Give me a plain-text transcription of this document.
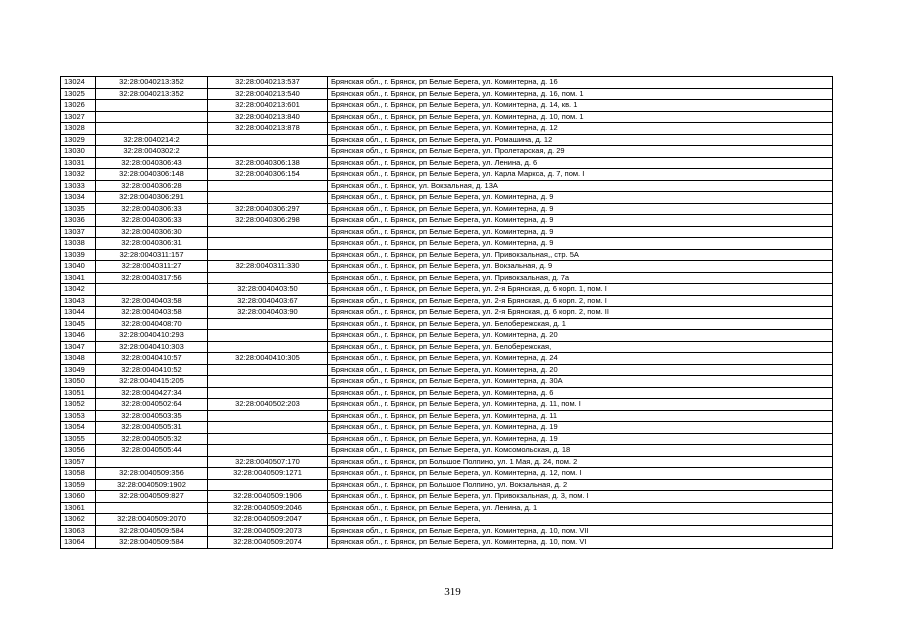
13024	32:28:0040213:352	32:28:0040213:537	Брянская обл., г. Брянск, рп Белые Берега, ул. Коминтерна, д. 16
13025	32:28:0040213:352	32:28:0040213:540	Брянская обл., г. Брянск, рп Белые Берега, ул. Коминтерна, д. 16, пом. 1
13026		32:28:0040213:601	Брянская обл., г. Брянск, рп Белые Берега, ул. Коминтерна, д. 14, кв. 1
13027		32:28:0040213:840	Брянская обл., г. Брянск, рп Белые Берега, ул. Коминтерна, д. 10, пом. 1
13028		32:28:0040213:878	Брянская обл., г. Брянск, рп Белые Берега, ул. Коминтерна, д. 12
13029	32:28:0040214:2		Брянская обл., г. Брянск, рп Белые Берега, ул. Ромашина, д. 12
13030	32:28:0040302:2		Брянская обл., г. Брянск, рп Белые Берега, ул. Пролетарская, д. 29
13031	32:28:0040306:43	32:28:0040306:138	Брянская обл., г. Брянск, рп Белые Берега, ул. Ленина, д. 6
13032	32:28:0040306:148	32:28:0040306:154	Брянская обл., г. Брянск, рп Белые Берега, ул. Карла Маркса, д. 7, пом. I
13033	32:28:0040306:28		Брянская обл., г. Брянск, ул. Вокзальная, д. 13А
13034	32:28:0040306:291		Брянская обл., г. Брянск, рп Белые Берега, ул. Коминтерна, д. 9
13035	32:28:0040306:33	32:28:0040306:297	Брянская обл., г. Брянск, рп Белые Берега, ул. Коминтерна, д. 9
13036	32:28:0040306:33	32:28:0040306:298	Брянская обл., г. Брянск, рп Белые Берега, ул. Коминтерна, д. 9
13037	32:28:0040306:30		Брянская обл., г. Брянск, рп Белые Берега, ул. Коминтерна, д. 9
13038	32:28:0040306:31		Брянская обл., г. Брянск, рп Белые Берега, ул. Коминтерна, д. 9
13039	32:28:0040311:157		Брянская обл., г. Брянск, рп Белые Берега, ул. Привокзальная,, стр. 5А
13040	32:28:0040311:27	32:28:0040311:330	Брянская обл., г. Брянск, рп Белые Берега, ул. Вокзальная, д. 9
13041	32:28:0040317:56		Брянская обл., г. Брянск, рп Белые Берега, ул. Привокзальная, д. 7а
13042		32:28:0040403:50	Брянская обл., г. Брянск, рп Белые Берега, ул. 2-я Брянская, д. 6 корп. 1, пом. I
13043	32:28:0040403:58	32:28:0040403:67	Брянская обл., г. Брянск, рп Белые Берега, ул. 2-я Брянская, д. 6 корп. 2, пом. I
13044	32:28:0040403:58	32:28:0040403:90	Брянская обл., г. Брянск, рп Белые Берега, ул. 2-я Брянская, д. 6 корп. 2, пом. II
13045	32:28:0040408:70		Брянская обл., г. Брянск, рп Белые Берега, ул. Белобережская, д. 1
13046	32:28:0040410:293		Брянская обл., г. Брянск, рп Белые Берега, ул. Коминтерна, д. 20
13047	32:28:0040410:303		Брянская обл., г. Брянск, рп Белые Берега, ул. Белобережская,
13048	32:28:0040410:57	32:28:0040410:305	Брянская обл., г. Брянск, рп Белые Берега, ул. Коминтерна, д. 24
13049	32:28:0040410:52		Брянская обл., г. Брянск, рп Белые Берега, ул. Коминтерна, д. 20
13050	32:28:0040415:205		Брянская обл., г. Брянск, рп Белые Берега, ул. Коминтерна, д. 30А
13051	32:28:0040427:34		Брянская обл., г. Брянск, рп Белые Берега, ул. Коминтерна, д. 6
13052	32:28:0040502:64	32:28:0040502:203	Брянская обл., г. Брянск, рп Белые Берега, ул. Коминтерна, д. 11, пом. I
13053	32:28:0040503:35		Брянская обл., г. Брянск, рп Белые Берега, ул. Коминтерна, д. 11
13054	32:28:0040505:31		Брянская обл., г. Брянск, рп Белые Берега, ул. Коминтерна, д. 19
13055	32:28:0040505:32		Брянская обл., г. Брянск, рп Белые Берега, ул. Коминтерна, д. 19
13056	32:28:0040505:44		Брянская обл., г. Брянск, рп Белые Берега, ул. Комсомольская, д. 18
13057		32:28:0040507:170	Брянская обл., г. Брянск, рп Большое Полпино, ул. 1 Мая, д. 24, пом. 2
13058	32:28:0040509:356	32:28:0040509:1271	Брянская обл., г. Брянск, рп Белые Берега, ул. Коминтерна, д. 12, пом. I
13059	32:28:0040509:1902		Брянская обл., г. Брянск, рп Большое Полпино, ул. Вокзальная, д. 2
13060	32:28:0040509:827	32:28:0040509:1906	Брянская обл., г. Брянск, рп Белые Берега, ул. Привокзальная, д. 3, пом. I
13061		32:28:0040509:2046	Брянская обл., г. Брянск, рп Белые Берега, ул. Ленина, д. 1
13062	32:28:0040509:2070	32:28:0040509:2047	Брянская обл., г. Брянск, рп Белые Берега,
13063	32:28:0040509:584	32:28:0040509:2073	Брянская обл., г. Брянск, рп Белые Берега, ул. Коминтерна, д. 10, пом. VII
13064	32:28:0040509:584	32:28:0040509:2074	Брянская обл., г. Брянск, рп Белые Берега, ул. Коминтерна, д. 10, пом. VI
319
